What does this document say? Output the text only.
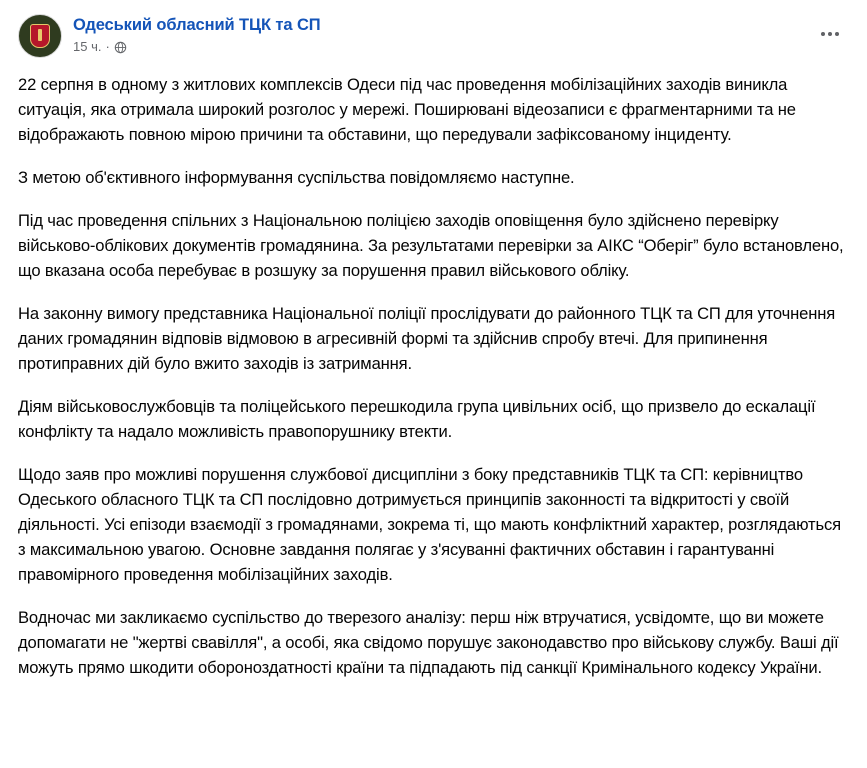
Одеський обласний ТЦК та СП
15 ч. ·

22 серпня в одному з житлових комплексів Одеси під час проведення мобілізаційних заходів виникла ситуація, яка отримала широкий розголос у мережі. Поширювані відеозаписи є фрагментарними та не відображають повною мірою причини та обставини, що передували зафіксованому інциденту.

З метою об'єктивного інформування суспільства повідомляємо наступне.

Під час проведення спільних з Національною поліцією заходів оповіщення було здійснено перевірку військово-облікових документів громадянина. За результатами перевірки за АІКС “Оберіг” було встановлено, що вказана особа перебуває в розшуку за порушення правил військового обліку.

На законну вимогу представника Національної поліції прослідувати до районного ТЦК та СП для уточнення даних громадянин відповів відмовою в агресивній формі та здійснив спробу втечі. Для припинення протиправних дій було вжито заходів із затримання.

Діям військовослужбовців та поліцейського перешкодила група цивільних осіб, що призвело до ескалації конфлікту та надало можливість правопорушнику втекти.

Щодо заяв про можливі порушення службової дисципліни з боку представників ТЦК та СП: керівництво Одеського обласного ТЦК та СП послідовно дотримується принципів законності та відкритості у своїй діяльності. Усі епізоди взаємодії з громадянами, зокрема ті, що мають конфліктний характер, розглядаються з максимальною увагою. Основне завдання полягає у з'ясуванні фактичних обставин і гарантуванні правомірного проведення мобілізаційних заходів.

Водночас ми закликаємо суспільство до тверезого аналізу: перш ніж втручатися, усвідомте, що ви можете допомагати не "жертві свавілля", а особі, яка свідомо порушує законодавство про військову службу. Ваші дії можуть прямо шкодити обороноздатності країни та підпадають під санкції Кримінального кодексу України.
